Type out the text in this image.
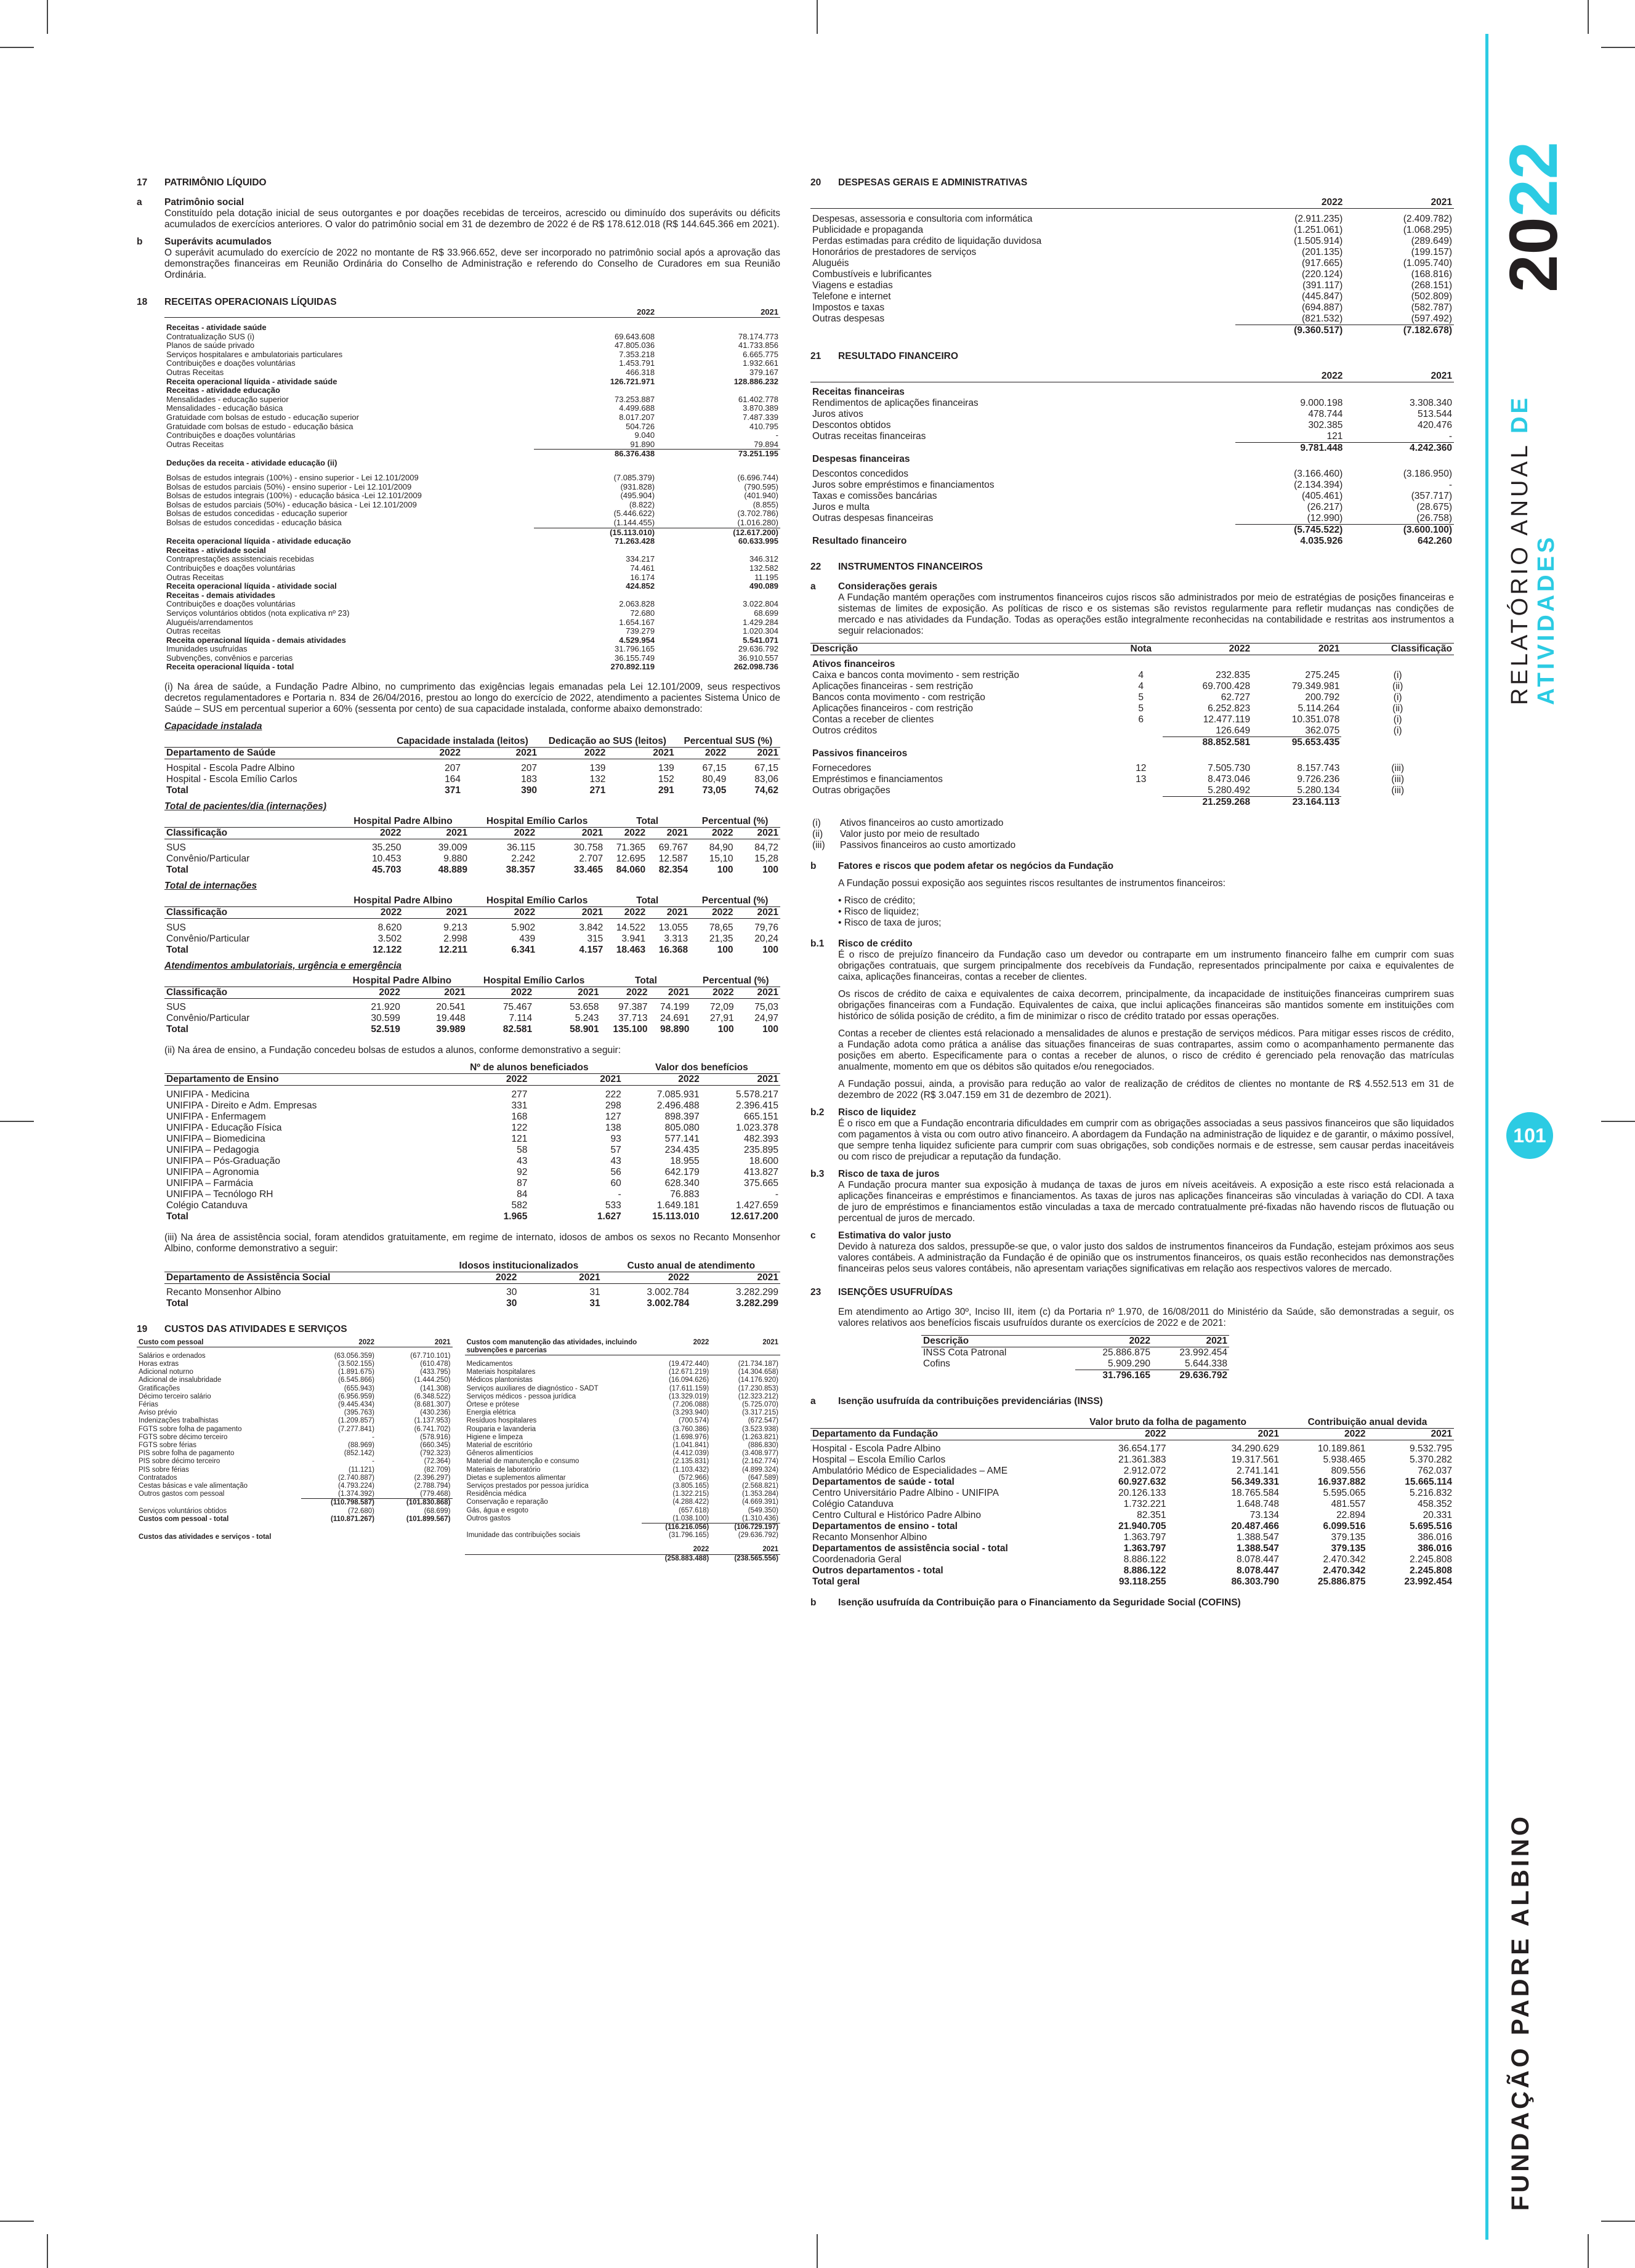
2022
RELATÓRIO ANUAL DE ATIVIDADES
101
FUNDAÇÃO PADRE ALBINO
17	PATRIMÔNIO LÍQUIDO
a	Patrimônio social
Constituído pela dotação inicial de seus outorgantes e por doações recebidas de terceiros, acrescido ou diminuído dos superávits ou déficits acumulados de exercícios anteriores. O valor do patrimônio social em 31 de dezembro de 2022 é de R$ 178.612.018 (R$ 144.645.366 em 2021).
b	Superávits acumulados
O superávit acumulado do exercício de 2022 no montante de R$ 33.966.652, deve ser incorporado no patrimônio social após a aprovação das demonstrações financeiras em Reunião Ordinária do Conselho de Administração e referendo do Conselho de Curadores em sua Reunião Ordinária.
18	RECEITAS OPERACIONAIS LÍQUIDAS
	2022	2021

Receitas - atividade saúde		
Contratualização SUS (i)	69.643.608	78.174.773
Planos de saúde privado	47.805.036	41.733.856
Serviços hospitalares e ambulatoriais particulares	7.353.218	6.665.775
Contribuições e doações voluntárias	1.453.791	1.932.661
Outras Receitas	466.318	379.167
Receita operacional líquida - atividade saúde	126.721.971	128.886.232
Receitas - atividade educação		
Mensalidades - educação superior	73.253.887	61.402.778
Mensalidades - educação básica	4.499.688	3.870.389
Gratuidade com bolsas de estudo - educação superior	8.017.207	7.487.339
Gratuidade com bolsas de estudo - educação básica	504.726	410.795
Contribuições e doações voluntárias	9.040	-
Outras Receitas	91.890	79.894
	86.376.438	73.251.195
Deduções da receita - atividade educação (ii)		
Bolsas de estudos integrais (100%) - ensino superior - Lei 12.101/2009	(7.085.379)	(6.696.744)
Bolsas de estudos parciais (50%) - ensino superior - Lei 12.101/2009	(931.828)	(790.595)
Bolsas de estudos integrais (100%) - educação básica -Lei 12.101/2009	(495.904)	(401.940)
Bolsas de estudos parciais (50%) - educação básica - Lei 12.101/2009	(8.822)	(8.855)
Bolsas de estudos concedidas - educação superior	(5.446.622)	(3.702.786)
Bolsas de estudos concedidas - educação básica	(1.144.455)	(1.016.280)
	(15.113.010)	(12.617.200)
Receita operacional líquida - atividade educação	71.263.428	60.633.995
Receitas - atividade social		
Contraprestações assistenciais recebidas	334.217	346.312
Contribuições e doações voluntárias	74.461	132.582
Outras Receitas	16.174	11.195
Receita operacional líquida - atividade social	424.852	490.089
Receitas - demais atividades		
Contribuições e doações voluntárias	2.063.828	3.022.804
Serviços voluntários obtidos (nota explicativa nº 23)	72.680	68.699
Aluguéis/arrendamentos	1.654.167	1.429.284
Outras receitas	739.279	1.020.304
Receita operacional líquida - demais atividades	4.529.954	5.541.071
Imunidades usufruídas	31.796.165	29.636.792
Subvenções, convênios e parcerias	36.155.749	36.910.557
Receita operacional líquida - total	270.892.119	262.098.736
(i) Na área de saúde, a Fundação Padre Albino, no cumprimento das exigências legais emanadas pela Lei 12.101/2009, seus respectivos decretos regulamentadores e Portaria n. 834 de 26/04/2016, prestou ao longo do exercício de 2022, atendimento a pacientes Sistema Único de Saúde – SUS em percentual superior a 60% (sessenta por cento) de sua capacidade instalada, conforme abaixo demonstrado:
Capacidade instalada
	Capacidade instalada (leitos)		Dedicação ao SUS (leitos)		Percentual SUS (%)	
Departamento de Saúde	2022	2021	2022	2021	2022	2021

Hospital - Escola Padre Albino	207	207	139	139	67,15	67,15
Hospital - Escola Emílio Carlos	164	183	132	152	80,49	83,06
Total	371	390	271	291	73,05	74,62
Total de pacientes/dia (internações)
	Hospital Padre Albino		Hospital Emílio Carlos		Total		Percentual (%)	
Classificação	2022	2021	2022	2021	2022	2021	2022	2021

SUS	35.250	39.009	36.115	30.758	71.365	69.767	84,90	84,72
Convênio/Particular	10.453	9.880	2.242	2.707	12.695	12.587	15,10	15,28
Total	45.703	48.889	38.357	33.465	84.060	82.354	100	100
Total de internações
	Hospital Padre Albino		Hospital Emílio Carlos		Total		Percentual (%)	
Classificação	2022	2021	2022	2021	2022	2021	2022	2021

SUS	8.620	9.213	5.902	3.842	14.522	13.055	78,65	79,76
Convênio/Particular	3.502	2.998	439	315	3.941	3.313	21,35	20,24
Total	12.122	12.211	6.341	4.157	18.463	16.368	100	100
Atendimentos ambulatoriais, urgência e emergência
	Hospital Padre Albino		Hospital Emílio Carlos		Total		Percentual (%)	
Classificação	2022	2021	2022	2021	2022	2021	2022	2021

SUS	21.920	20.541	75.467	53.658	97.387	74.199	72,09	75,03
Convênio/Particular	30.599	19.448	7.114	5.243	37.713	24.691	27,91	24,97
Total	52.519	39.989	82.581	58.901	135.100	98.890	100	100
(ii) Na área de ensino, a Fundação concedeu bolsas de estudos a alunos, conforme demonstrativo a seguir:
	Nº de alunos beneficiados		Valor dos benefícios	
Departamento de Ensino	2022	2021	2022	2021

UNIFIPA - Medicina	277	222	7.085.931	5.578.217
UNIFIPA - Direito e Adm. Empresas	331	298	2.496.488	2.396.415
UNIFIPA - Enfermagem	168	127	898.397	665.151
UNIFIPA - Educação Física	122	138	805.080	1.023.378
UNIFIPA – Biomedicina	121	93	577.141	482.393
UNIFIPA – Pedagogia	58	57	234.435	235.895
UNIFIPA – Pós-Graduação	43	43	18.955	18.600
UNIFIPA – Agronomia	92	56	642.179	413.827
UNIFIPA – Farmácia	87	60	628.340	375.665
UNIFIPA – Tecnólogo RH	84	-	76.883	-
Colégio Catanduva	582	533	1.649.181	1.427.659
Total	1.965	1.627	15.113.010	12.617.200
(iii) Na área de assistência social, foram atendidos gratuitamente, em regime de internato, idosos de ambos os sexos no Recanto Monsenhor Albino, conforme demonstrativo a seguir:
	Idosos institucionalizados		Custo anual de atendimento	
Departamento de Assistência Social	2022	2021	2022	2021

Recanto Monsenhor Albino	30	31	3.002.784	3.282.299
Total	30	31	3.002.784	3.282.299
19	CUSTOS DAS ATIVIDADES E SERVIÇOS
Custo com pessoal	2022	2021

Salários e ordenados	(63.056.359)	(67.710.101)
Horas extras	(3.502.155)	(610.478)
Adicional noturno	(1.891.675)	(433.795)
Adicional de insalubridade	(6.545.866)	(1.444.250)
Gratificações	(655.943)	(141.308)
Décimo terceiro salário	(6.956.959)	(6.348.522)
Férias	(9.445.434)	(8.681.307)
Aviso prévio	(395.763)	(430.236)
Indenizações trabalhistas	(1.209.857)	(1.137.953)
FGTS sobre folha de pagamento	(7.277.841)	(6.741.702)
FGTS sobre décimo terceiro	-	(578.916)
FGTS sobre férias	(88.969)	(660.345)
PIS sobre folha de pagamento	(852.142)	(792.323)
PIS sobre décimo terceiro	-	(72.364)
PIS sobre férias	(11.121)	(82.709)
Contratados	(2.740.887)	(2.396.297)
Cestas básicas e vale alimentação	(4.793.224)	(2.788.794)
Outros gastos com pessoal	(1.374.392)	(779.468)
	(110.798.587)	(101.830.868)
Serviços voluntários obtidos	(72.680)	(68.699)
Custos com pessoal - total	(110.871.267)	(101.899.567)
Custos das atividades e serviços - total		
Custos com manutenção das atividades, incluindo subvenções e parcerias	2022	2021

Medicamentos	(19.472.440)	(21.734.187)
Materiais hospitalares	(12.671.219)	(14.304.658)
Médicos plantonistas	(16.094.626)	(14.176.920)
Serviços auxiliares de diagnóstico - SADT	(17.611.159)	(17.230.853)
Serviços médicos - pessoa jurídica	(13.329.019)	(12.323.212)
Órtese e prótese	(7.206.088)	(5.725.070)
Energia elétrica	(3.293.940)	(3.317.215)
Resíduos hospitalares	(700.574)	(672.547)
Rouparia e lavanderia	(3.760.386)	(3.523.938)
Higiene e limpeza	(1.698.976)	(1.263.821)
Material de escritório	(1.041.841)	(886.830)
Gêneros alimentícios	(4.412.039)	(3.408.977)
Material de manutenção e consumo	(2.135.831)	(2.162.774)
Materiais de laboratório	(1.103.432)	(4.899.324)
Dietas e suplementos alimentar	(572.966)	(647.589)
Serviços prestados por pessoa jurídica	(3.805.165)	(2.568.821)
Residência médica	(1.322.215)	(1.353.284)
Conservação e reparação	(4.288.422)	(4.669.391)
Gás, água e esgoto	(657.618)	(549.350)
Outros gastos	(1.038.100)	(1.310.436)
	(116.216.056)	(106.729.197)
Imunidade das contribuições sociais	(31.796.165)	(29.636.792)

	2022	2021
	(258.883.488)	(238.565.556)
20	DESPESAS GERAIS E ADMINISTRATIVAS
	2022	2021

Despesas, assessoria e consultoria com informática	(2.911.235)	(2.409.782)
Publicidade e propaganda	(1.251.061)	(1.068.295)
Perdas estimadas para crédito de liquidação duvidosa	(1.505.914)	(289.649)
Honorários de prestadores de serviços	(201.135)	(199.157)
Aluguéis	(917.665)	(1.095.740)
Combustíveis e lubrificantes	(220.124)	(168.816)
Viagens e estadias	(391.117)	(268.151)
Telefone e internet	(445.847)	(502.809)
Impostos e taxas	(694.887)	(582.787)
Outras despesas	(821.532)	(597.492)
	(9.360.517)	(7.182.678)
21	RESULTADO FINANCEIRO
	2022	2021

Receitas financeiras		
Rendimentos de aplicações financeiras	9.000.198	3.308.340
Juros ativos	478.744	513.544
Descontos obtidos	302.385	420.476
Outras receitas financeiras	121	-
	9.781.448	4.242.360
Despesas financeiras		
Descontos concedidos	(3.166.460)	(3.186.950)
Juros sobre empréstimos e financiamentos	(2.134.394)	-
Taxas e comissões bancárias	(405.461)	(357.717)
Juros e multa	(26.217)	(28.675)
Outras despesas financeiras	(12.990)	(26.758)
	(5.745.522)	(3.600.100)
Resultado financeiro	4.035.926	642.260
22	INSTRUMENTOS FINANCEIROS
a	Considerações gerais
A Fundação mantém operações com instrumentos financeiros cujos riscos são administrados por meio de estratégias de posições financeiras e sistemas de limites de exposição. As políticas de risco e os sistemas são revistos regularmente para refletir mudanças nas condições de mercado e nas atividades da Fundação. Todas as operações estão integralmente reconhecidas na contabilidade e restritas aos instrumentos a seguir relacionados:
Descrição	Nota	2022	2021	Classificação

Ativos financeiros				
Caixa e bancos conta movimento - sem restrição	4	232.835	275.245	(i)
Aplicações financeiras - sem restrição	4	69.700.428	79.349.981	(ii)
Bancos conta movimento - com restrição	5	62.727	200.792	(i)
Aplicações financeiros - com restrição	5	6.252.823	5.114.264	(ii)
Contas a receber de clientes	6	12.477.119	10.351.078	(i)
Outros créditos		126.649	362.075	(i)
		88.852.581	95.653.435	
Passivos financeiros				
Fornecedores	12	7.505.730	8.157.743	(iii)
Empréstimos e financiamentos	13	8.473.046	9.726.236	(iii)
Outras obrigações		5.280.492	5.280.134	(iii)
		21.259.268	23.164.113	
(i)	Ativos financeiros ao custo amortizado
(ii)	Valor justo por meio de resultado
(iii)	Passivos financeiros ao custo amortizado
b	Fatores e riscos que podem afetar os negócios da Fundação
A Fundação possui exposição aos seguintes riscos resultantes de instrumentos financeiros:
• Risco de crédito;
• Risco de liquidez;
• Risco de taxa de juros;
b.1	Risco de crédito
É o risco de prejuízo financeiro da Fundação caso um devedor ou contraparte em um instrumento financeiro falhe em cumprir com suas obrigações contratuais, que surgem principalmente dos recebíveis da Fundação, representados principalmente por caixa e equivalentes de caixa, aplicações financeiras, contas a receber de clientes.
Os riscos de crédito de caixa e equivalentes de caixa decorrem, principalmente, da incapacidade de instituições financeiras cumprirem suas obrigações financeiras com a Fundação. Equivalentes de caixa, que inclui aplicações financeiras são mantidos somente em instituições com histórico de sólida posição de crédito, a fim de minimizar o risco de crédito tratado por essas operações.
Contas a receber de clientes está relacionado a mensalidades de alunos e prestação de serviços médicos. Para mitigar esses riscos de crédito, a Fundação adota como prática a análise das situações financeiras de suas contrapartes, assim como o acompanhamento permanente das posições em aberto. Especificamente para o contas a receber de alunos, o risco de crédito é gerenciado pela renovação das matrículas anualmente, momento em que os débitos são quitados e/ou renegociados.
A Fundação possui, ainda, a provisão para redução ao valor de realização de créditos de clientes no montante de R$ 4.552.513 em 31 de dezembro de 2022 (R$ 3.047.159 em 31 de dezembro de 2021).
b.2	Risco de liquidez
É o risco em que a Fundação encontraria dificuldades em cumprir com as obrigações associadas a seus passivos financeiros que são liquidados com pagamentos à vista ou com outro ativo financeiro. A abordagem da Fundação na administração de liquidez e de garantir, o máximo possível, que sempre tenha liquidez suficiente para cumprir com suas obrigações, sob condições normais e de estresse, sem causar perdas inaceitáveis ou com risco de prejudicar a reputação da fundação.
b.3	Risco de taxa de juros
A Fundação procura manter sua exposição à mudança de taxas de juros em níveis aceitáveis. A exposição a este risco está relacionada a aplicações financeiras e empréstimos e financiamentos. As taxas de juros nas aplicações financeiras são vinculadas à variação do CDI. A taxa de juro de empréstimos e financiamentos estão vinculadas a taxa de mercado contratualmente pré-fixadas não havendo riscos de flutuação ou percentual de juros de mercado.
c	Estimativa do valor justo
Devido à natureza dos saldos, pressupõe-se que, o valor justo dos saldos de instrumentos financeiros da Fundação, estejam próximos aos seus valores contábeis. A administração da Fundação é de opinião que os instrumentos financeiros, os quais estão reconhecidos nas demonstrações financeiras pelos seus valores contábeis, não apresentam variações significativas em relação aos respectivos valores de mercado.
23	ISENÇÕES USUFRUÍDAS
Em atendimento ao Artigo 30º, Inciso III, item (c) da Portaria nº 1.970, de 16/08/2011 do Ministério da Saúde, são demonstradas a seguir, os valores relativos aos benefícios fiscais usufruídos durante os exercícios de 2022 e de 2021:
Descrição	2022	2021
INSS Cota Patronal	25.886.875	23.992.454
Cofins	5.909.290	5.644.338
	31.796.165	29.636.792
a	Isenção usufruída da contribuições previdenciárias (INSS)
	Valor bruto da folha de pagamento		Contribuição anual devida	
Departamento da Fundação	2022	2021	2022	2021

Hospital - Escola Padre Albino	36.654.177	34.290.629	10.189.861	9.532.795
Hospital – Escola Emílio Carlos	21.361.383	19.317.561	5.938.465	5.370.282
Ambulatório Médico de Especialidades – AME	2.912.072	2.741.141	809.556	762.037
Departamentos de saúde - total	60.927.632	56.349.331	16.937.882	15.665.114
Centro Universitário Padre Albino - UNIFIPA	20.126.133	18.765.584	5.595.065	5.216.832
Colégio Catanduva	1.732.221	1.648.748	481.557	458.352
Centro Cultural e Histórico Padre Albino	82.351	73.134	22.894	20.331
Departamentos de ensino - total	21.940.705	20.487.466	6.099.516	5.695.516
Recanto Monsenhor Albino	1.363.797	1.388.547	379.135	386.016
Departamentos de assistência social - total	1.363.797	1.388.547	379.135	386.016
Coordenadoria Geral	8.886.122	8.078.447	2.470.342	2.245.808
Outros departamentos - total	8.886.122	8.078.447	2.470.342	2.245.808
Total geral	93.118.255	86.303.790	25.886.875	23.992.454
b	Isenção usufruída da Contribuição para o Financiamento da Seguridade Social (COFINS)
